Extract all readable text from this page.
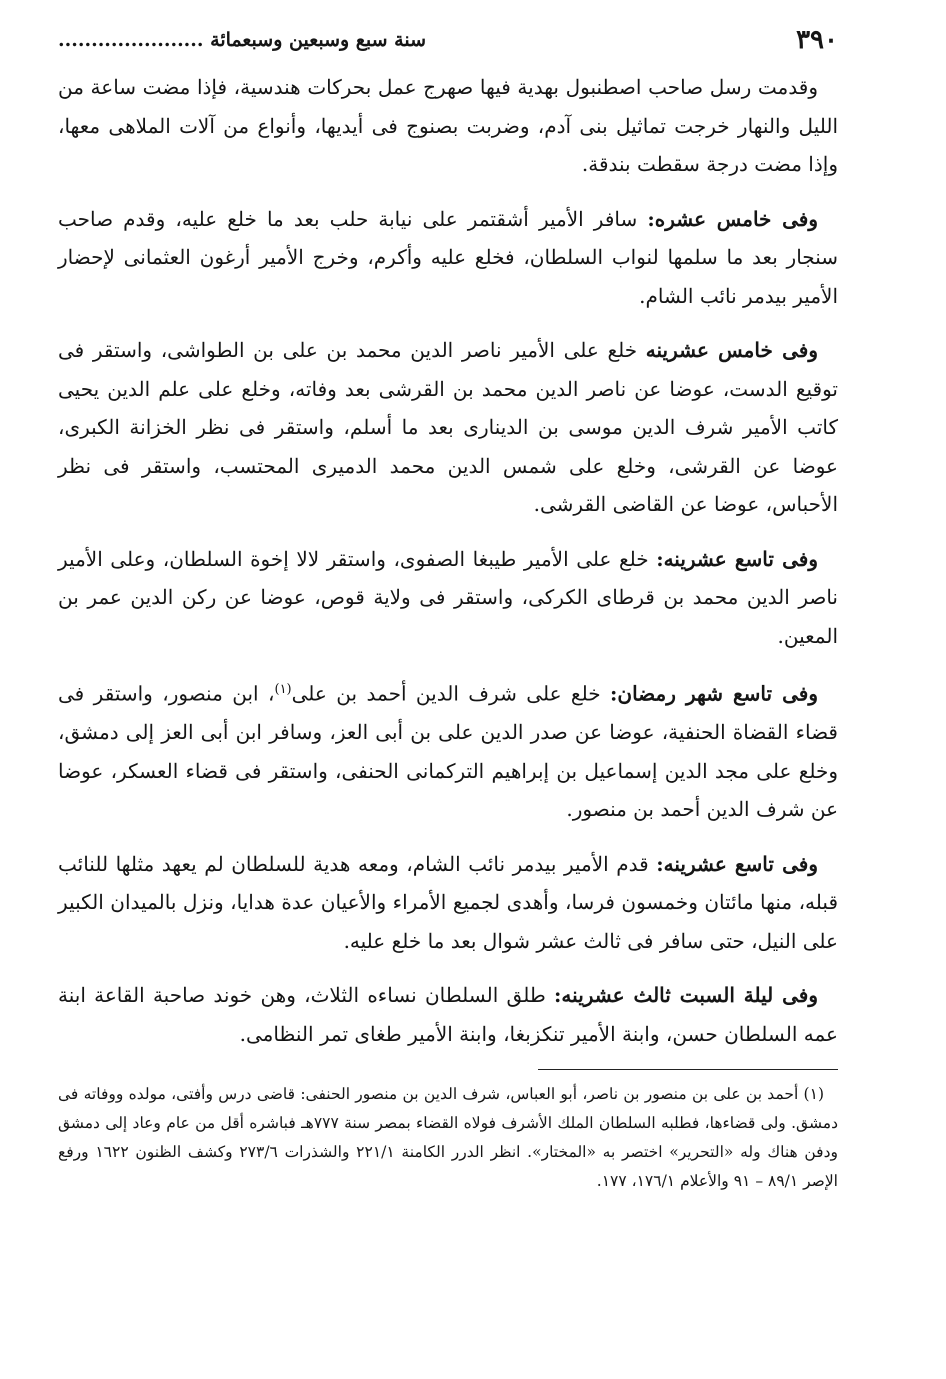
٣٩٠
سنة سبع وسبعين وسبعمائة ......................

وقدمت رسل صاحب اصطنبول بهدية فيها صهرج عمل بحركات هندسية، فإذا مضت ساعة من الليل والنهار خرجت تماثيل بنى آدم، وضربت بصنوج فى أيديها، وأنواع من آلات الملاهى معها، وإذا مضت درجة سقطت بندقة.

وفى خامس عشره: سافر الأمير أشقتمر على نيابة حلب بعد ما خلع عليه، وقدم صاحب سنجار بعد ما سلمها لنواب السلطان، فخلع عليه وأكرم، وخرج الأمير أرغون العثمانى لإحضار الأمير بيدمر نائب الشام.

وفى خامس عشرينه خلع على الأمير ناصر الدين محمد بن على بن الطواشى، واستقر فى توقيع الدست، عوضا عن ناصر الدين محمد بن القرشى بعد وفاته، وخلع على علم الدين يحيى كاتب الأمير شرف الدين موسى بن الدينارى بعد ما أسلم، واستقر فى نظر الخزانة الكبرى، عوضا عن القرشى، وخلع على شمس الدين محمد الدميرى المحتسب، واستقر فى نظر الأحباس، عوضا عن القاضى القرشى.

وفى تاسع عشرينه: خلع على الأمير طيبغا الصفوى، واستقر لالا إخوة السلطان، وعلى الأمير ناصر الدين محمد بن قرطاى الكركى، واستقر فى ولاية قوص، عوضا عن ركن الدين عمر بن المعين.

وفى تاسع شهر رمضان: خلع على شرف الدين أحمد بن على$^{(١)}$، ابن منصور، واستقر فى قضاء القضاة الحنفية، عوضا عن صدر الدين على بن أبى العز، وسافر ابن أبى العز إلى دمشق، وخلع على مجد الدين إسماعيل بن إبراهيم التركمانى الحنفى، واستقر فى قضاء العسكر، عوضا عن شرف الدين أحمد بن منصور.

وفى تاسع عشرينه: قدم الأمير بيدمر نائب الشام، ومعه هدية للسلطان لم يعهد مثلها للنائب قبله، منها مائتان وخمسون فرسا، وأهدى لجميع الأمراء والأعيان عدة هدايا، ونزل بالميدان الكبير على النيل، حتى سافر فى ثالث عشر شوال بعد ما خلع عليه.

وفى ليلة السبت ثالث عشرينه: طلق السلطان نساءه الثلاث، وهن خوند صاحبة القاعة ابنة عمه السلطان حسن، وابنة الأمير تنكزبغا، وابنة الأمير طغاى تمر النظامى.

(١) أحمد بن على بن منصور بن ناصر، أبو العباس، شرف الدين بن منصور الحنفى: قاضى درس وأفتى، مولده ووفاته فى دمشق. ولى قضاءها، فطلبه السلطان الملك الأشرف فولاه القضاء بمصر سنة ٧٧٧هـ فباشره أقل من عام وعاد إلى دمشق ودفن هناك وله «التحرير» اختصر به «المختار». انظر الدرر الكامنة ٢٢١/١ والشذرات ٢٧٣/٦ وكشف الظنون ١٦٢٢ ورفع الإصر ٨٩/١ – ٩١ والأعلام ١٧٦/١، ١٧٧.
